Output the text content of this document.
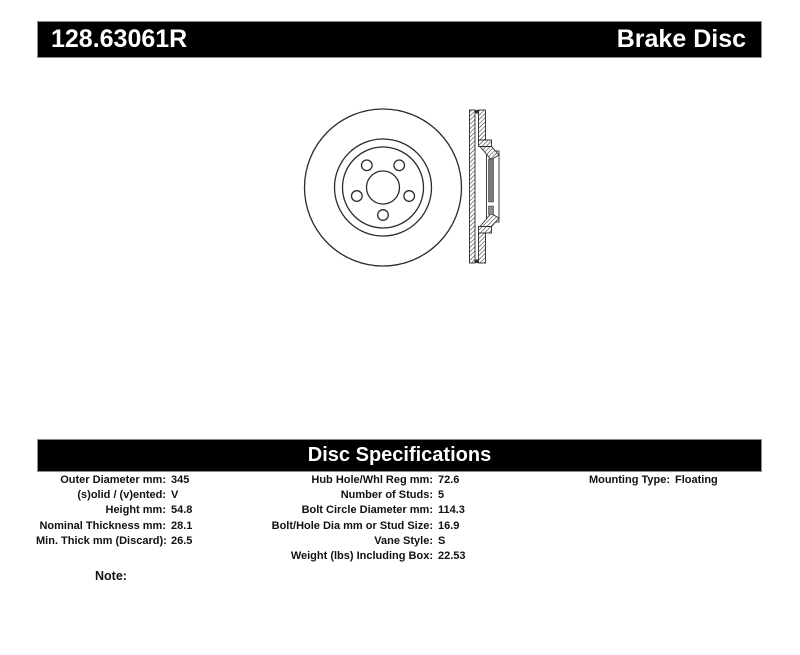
128.63061R	Brake Disc
Disc Specifications
Outer Diameter mm: 345
(s)olid / (v)ented: V
Height mm: 54.8
Nominal Thickness mm: 28.1
Min. Thick mm (Discard): 26.5
Hub Hole/Whl Reg mm: 72.6
Number of Studs: 5
Bolt Circle Diameter mm: 114.3
Bolt/Hole Dia mm or Stud Size: 16.9
Vane Style: S
Weight (lbs) Including Box: 22.53
Mounting Type: Floating
Note:
